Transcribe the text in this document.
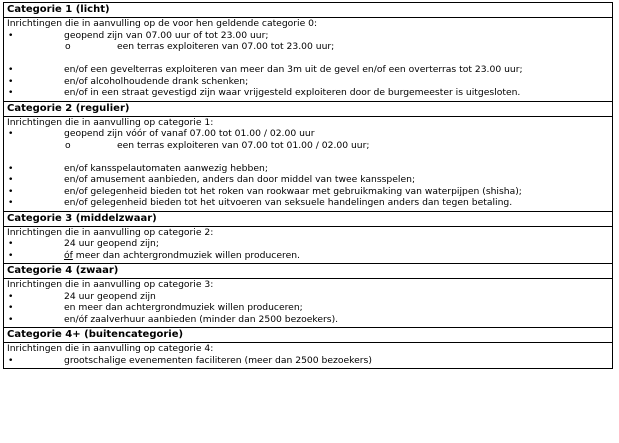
Categorie 1 (licht)
Inrichtingen die in aanvulling op de voor hen geldende categorie 0:
•	geopend zijn van 07.00 uur of tot 23.00 uur;
o	een terras exploiteren van 07.00 tot 23.00 uur;
•	en/of een gevelterras exploiteren van meer dan 3m uit de gevel en/of een overterras tot 23.00 uur;
•	en/of alcoholhoudende drank schenken;
•	en/of in een straat gevestigd zijn waar vrijgesteld exploiteren door de burgemeester is uitgesloten.
Categorie 2 (regulier)
Inrichtingen die in aanvulling op categorie 1:
•	geopend zijn vóór of vanaf 07.00 tot 01.00 / 02.00 uur
o	een terras exploiteren van 07.00 tot 01.00 / 02.00 uur;
•	en/of kansspelautomaten aanwezig hebben;
•	en/of amusement aanbieden, anders dan door middel van twee kansspelen;
•	en/of gelegenheid bieden tot het roken van rookwaar met gebruikmaking van waterpijpen (shisha);
•	en/of gelegenheid bieden tot het uitvoeren van seksuele handelingen anders dan tegen betaling.
Categorie 3 (middelzwaar)
Inrichtingen die in aanvulling op categorie 2:
•	24 uur geopend zijn;
•	óf meer dan achtergrondmuziek willen produceren.
Categorie 4 (zwaar)
Inrichtingen die in aanvulling op categorie 3:
•	24 uur geopend zijn
•	en meer dan achtergrondmuziek willen produceren;
•	en/óf zaalverhuur aanbieden (minder dan 2500 bezoekers).
Categorie 4+ (buitencategorie)
Inrichtingen die in aanvulling op categorie 4:
•	grootschalige evenementen faciliteren (meer dan 2500 bezoekers)
